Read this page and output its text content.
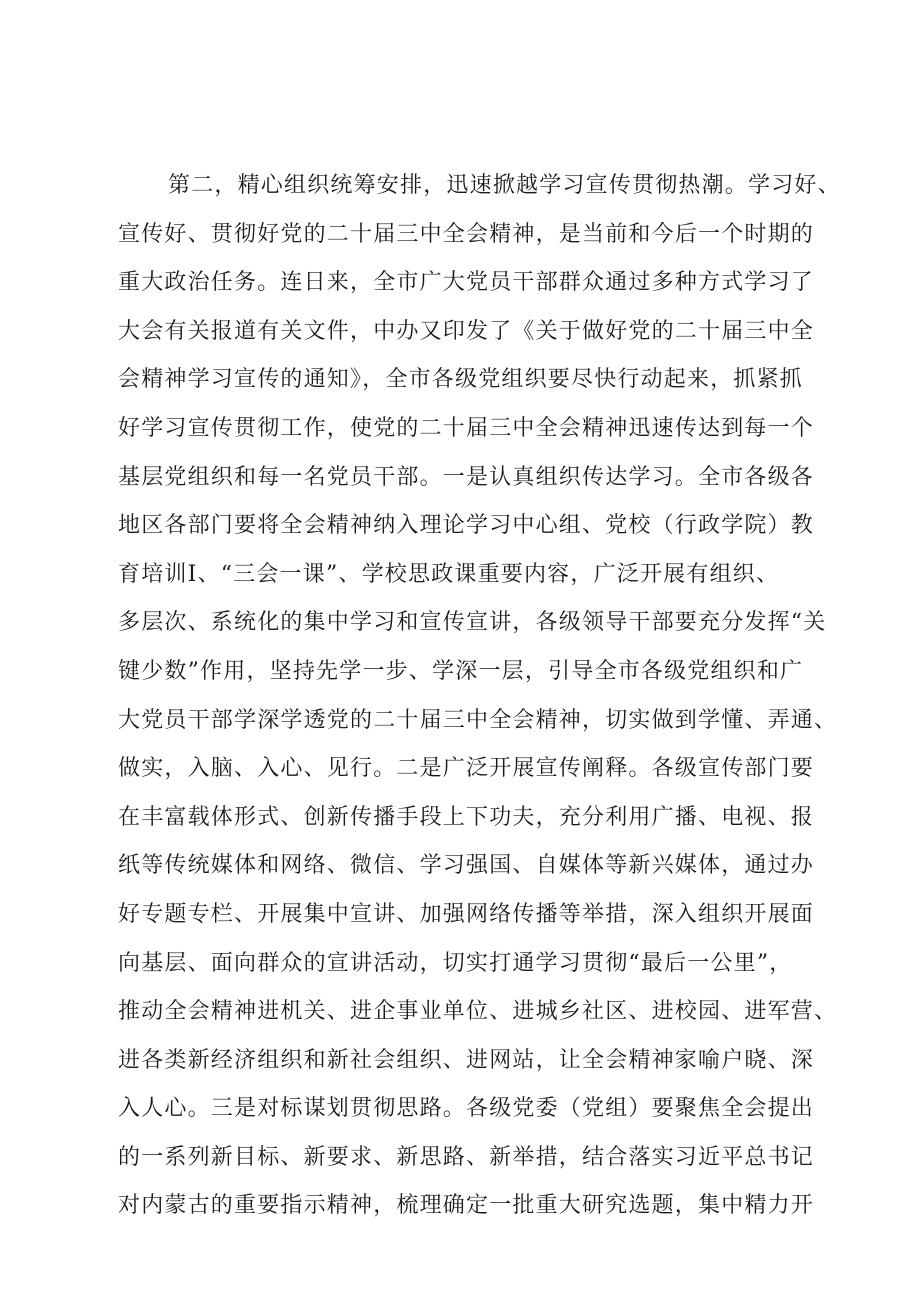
第二，精心组织统筹安排，迅速掀越学习宣传贯彻热潮。学习好、
宣传好、贯彻好党的二十届三中全会精神，是当前和今后一个时期的
重大政治任务。连日来，全市广大党员干部群众通过多种方式学习了
大会有关报道有关文件，中办又印发了《关于做好党的二十届三中全
会精神学习宣传的通知》，全市各级党组织要尽快行动起来，抓紧抓
好学习宣传贯彻工作，使党的二十届三中全会精神迅速传达到每一个
基层党组织和每一名党员干部。一是认真组织传达学习。全市各级各
地区各部门要将全会精神纳入理论学习中心组、党校（行政学院）教
育培训I、“三会一课”、学校思政课重要内容，广泛开展有组织、
多层次、系统化的集中学习和宣传宣讲，各级领导干部要充分发挥“关
键少数”作用，坚持先学一步、学深一层，引导全市各级党组织和广
大党员干部学深学透党的二十届三中全会精神，切实做到学懂、弄通、
做实，入脑、入心、见行。二是广泛开展宣传阐释。各级宣传部门要
在丰富载体形式、创新传播手段上下功夫，充分利用广播、电视、报
纸等传统媒体和网络、微信、学习强国、自媒体等新兴媒体，通过办
好专题专栏、开展集中宣讲、加强网络传播等举措，深入组织开展面
向基层、面向群众的宣讲活动，切实打通学习贯彻“最后一公里”，
推动全会精神进机关、进企事业单位、进城乡社区、进校园、进军营、
进各类新经济组织和新社会组织、进网站，让全会精神家喻户晓、深
入人心。三是对标谋划贯彻思路。各级党委（党组）要聚焦全会提出
的一系列新目标、新要求、新思路、新举措，结合落实习近平总书记
对内蒙古的重要指示精神，梳理确定一批重大研究选题，集中精力开
